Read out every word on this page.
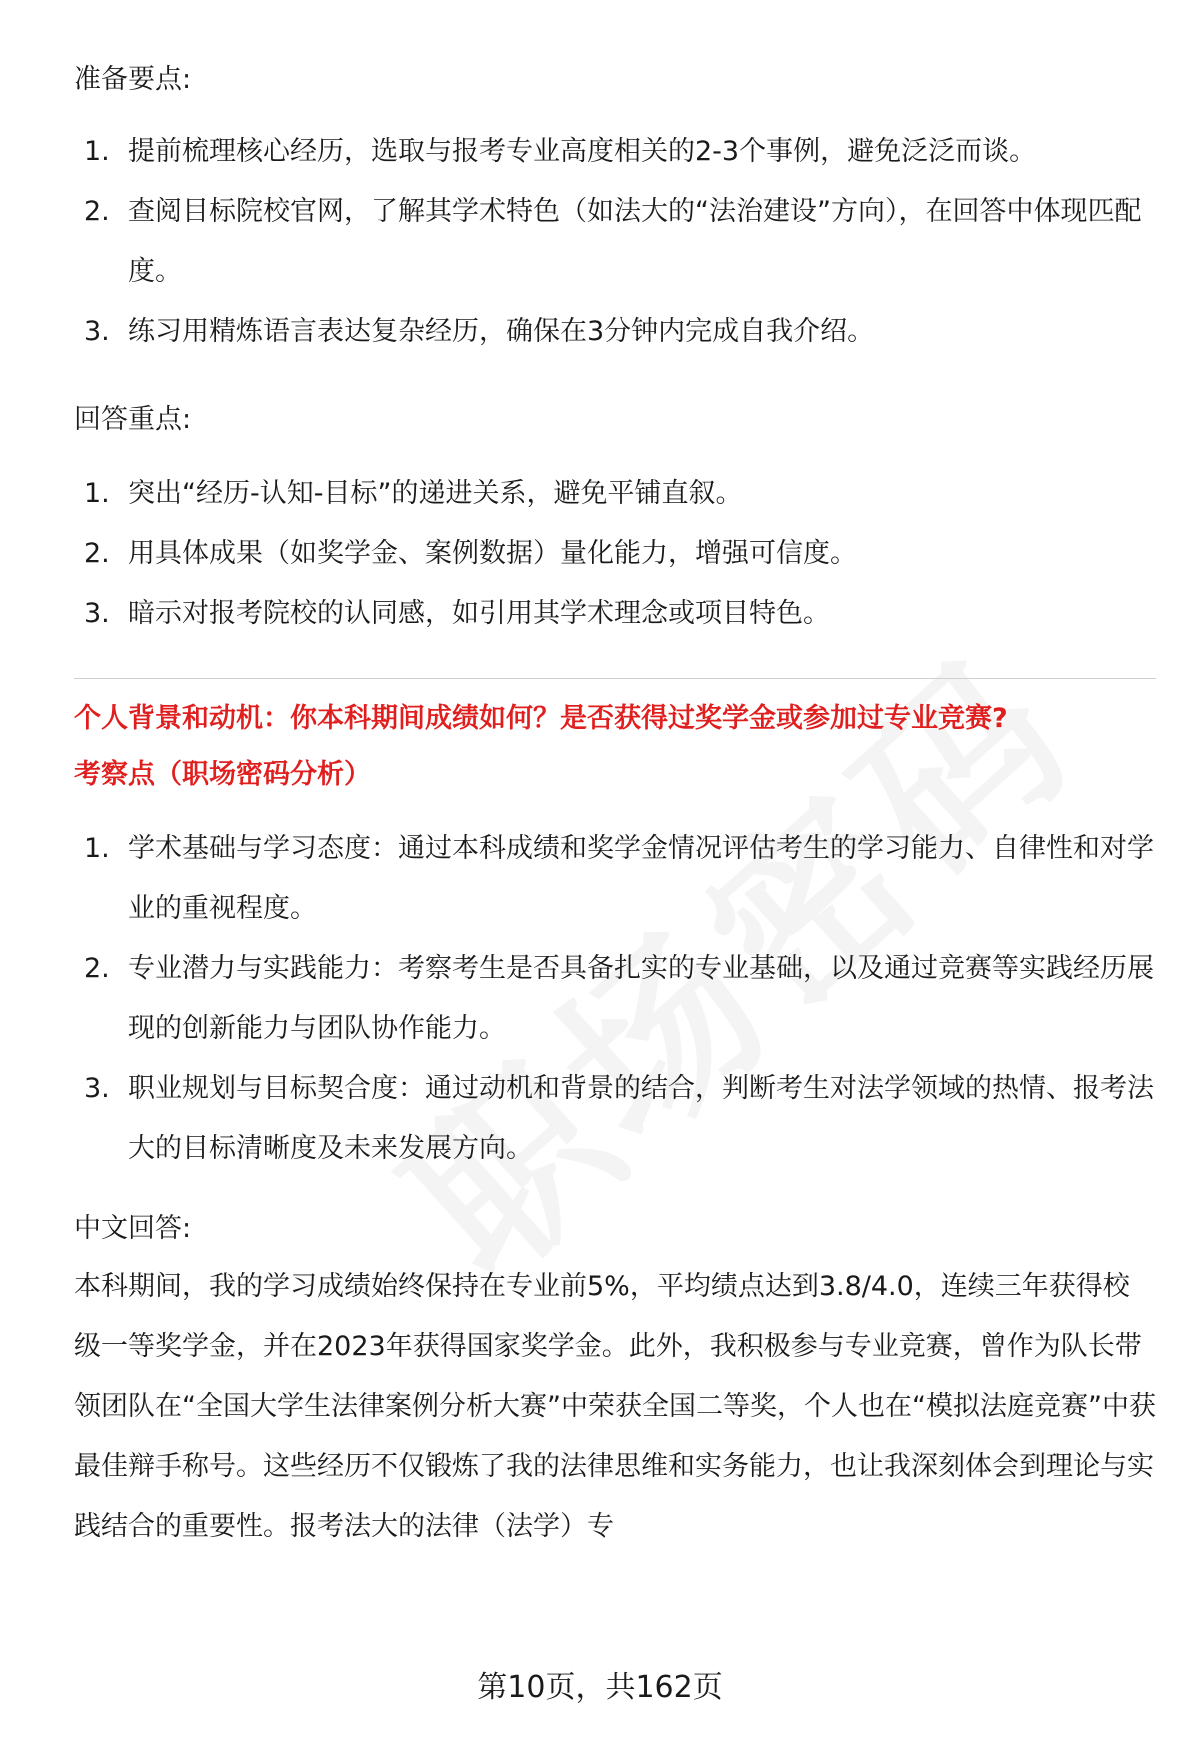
准备要点:

1. 提前梳理核心经历，选取与报考专业高度相关的2-3个事例，避免泛泛而谈。
2. 查阅目标院校官网，了解其学术特色（如法大的“法治建设”方向），在回答中体现匹配度。
3. 练习用精炼语言表达复杂经历，确保在3分钟内完成自我介绍。

回答重点:

1. 突出“经历-认知-目标”的递进关系，避免平铺直叙。
2. 用具体成果（如奖学金、案例数据）量化能力，增强可信度。
3. 暗示对报考院校的认同感，如引用其学术理念或项目特色。
个人背景和动机：你本科期间成绩如何？是否获得过奖学金或参加过专业竞赛?
考察点（职场密码分析）
1. 学术基础与学习态度：通过本科成绩和奖学金情况评估考生的学习能力、自律性和对学业的重视程度。
2. 专业潜力与实践能力：考察考生是否具备扎实的专业基础，以及通过竞赛等实践经历展现的创新能力与团队协作能力。
3. 职业规划与目标契合度：通过动机和背景的结合，判断考生对法学领域的热情、报考法大的目标清晰度及未来发展方向。

中文回答:

本科期间，我的学习成绩始终保持在专业前5%，平均绩点达到3.8/4.0，连续三年获得校级一等奖学金，并在2023年获得国家奖学金。此外，我积极参与专业竞赛，曾作为队长带领团队在“全国大学生法律案例分析大赛”中荣获全国二等奖，个人也在“模拟法庭竞赛”中获最佳辩手称号。这些经历不仅锻炼了我的法律思维和实务能力，也让我深刻体会到理论与实践结合的重要性。报考法大的法律（法学）专

第10页，共162页
